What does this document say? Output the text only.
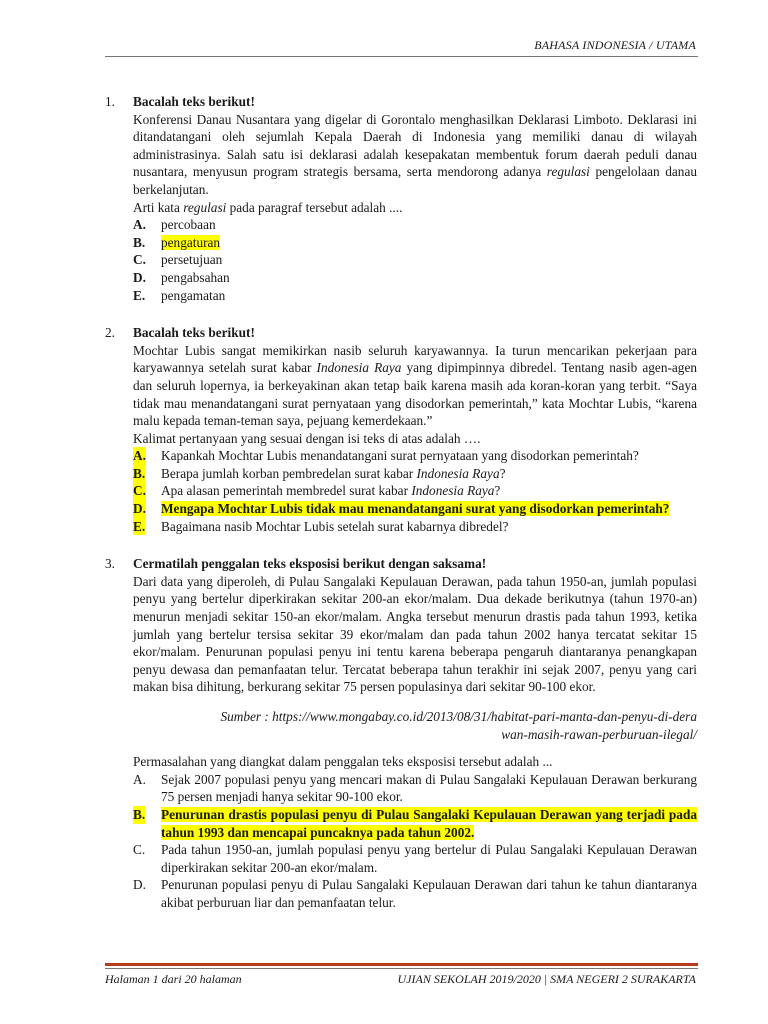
BAHASA INDONESIA / UTAMA
1. Bacalah teks berikut!
Konferensi Danau Nusantara yang digelar di Gorontalo menghasilkan Deklarasi Limboto. Deklarasi ini ditandatangani oleh sejumlah Kepala Daerah di Indonesia yang memiliki danau di wilayah administrasinya. Salah satu isi deklarasi adalah kesepakatan membentuk forum daerah peduli danau nusantara, menyusun program strategis bersama, serta mendorong adanya regulasi pengelolaan danau berkelanjutan.
Arti kata regulasi pada paragraf tersebut adalah ....
A. percobaan
B. pengaturan
C. persetujuan
D. pengabsahan
E. pengamatan
2. Bacalah teks berikut!
Mochtar Lubis sangat memikirkan nasib seluruh karyawannya. Ia turun mencarikan pekerjaan para karyawannya setelah surat kabar Indonesia Raya yang dipimpinnya dibredel. Tentang nasib agen-agen dan seluruh lopernya, ia berkeyakinan akan tetap baik karena masih ada koran-koran yang terbit. “Saya tidak mau menandatangani surat pernyataan yang disodorkan pemerintah,” kata Mochtar Lubis, “karena malu kepada teman-teman saya, pejuang kemerdekaan.”
Kalimat pertanyaan yang sesuai dengan isi teks di atas adalah ….
A. Kapankah Mochtar Lubis menandatangani surat pernyataan yang disodorkan pemerintah?
B. Berapa jumlah korban pembredelan surat kabar Indonesia Raya?
C. Apa alasan pemerintah membredel surat kabar Indonesia Raya?
D. Mengapa Mochtar Lubis tidak mau menandatangani surat yang disodorkan pemerintah?
E. Bagaimana nasib Mochtar Lubis setelah surat kabarnya dibredel?
3. Cermatilah penggalan teks eksposisi berikut dengan saksama!
Dari data yang diperoleh, di Pulau Sangalaki Kepulauan Derawan, pada tahun 1950-an, jumlah populasi penyu yang bertelur diperkirakan sekitar 200-an ekor/malam. Dua dekade berikutnya (tahun 1970-an) menurun menjadi sekitar 150-an ekor/malam. Angka tersebut menurun drastis pada tahun 1993, ketika jumlah yang bertelur tersisa sekitar 39 ekor/malam dan pada tahun 2002 hanya tercatat sekitar 15 ekor/malam. Penurunan populasi penyu ini tentu karena beberapa pengaruh diantaranya penangkapan penyu dewasa dan pemanfaatan telur. Tercatat beberapa tahun terakhir ini sejak 2007, penyu yang cari makan bisa dihitung, berkurang sekitar 75 persen populasinya dari sekitar 90-100 ekor.
Sumber : https://www.mongabay.co.id/2013/08/31/habitat-pari-manta-dan-penyu-di-dera
wan-masih-rawan-perburuan-ilegal/
Permasalahan yang diangkat dalam penggalan teks eksposisi tersebut adalah ...
A. Sejak 2007 populasi penyu yang mencari makan di Pulau Sangalaki Kepulauan Derawan berkurang 75 persen menjadi hanya sekitar 90-100 ekor.
B. Penurunan drastis populasi penyu di Pulau Sangalaki Kepulauan Derawan yang terjadi pada tahun 1993 dan mencapai puncaknya pada tahun 2002.
C. Pada tahun 1950-an, jumlah populasi penyu yang bertelur di Pulau Sangalaki Kepulauan Derawan diperkirakan sekitar 200-an ekor/malam.
D. Penurunan populasi penyu di Pulau Sangalaki Kepulauan Derawan dari tahun ke tahun diantaranya akibat perburuan liar dan pemanfaatan telur.
Halaman 1 dari 20 halaman	UJIAN SEKOLAH 2019/2020 | SMA NEGERI 2 SURAKARTA
